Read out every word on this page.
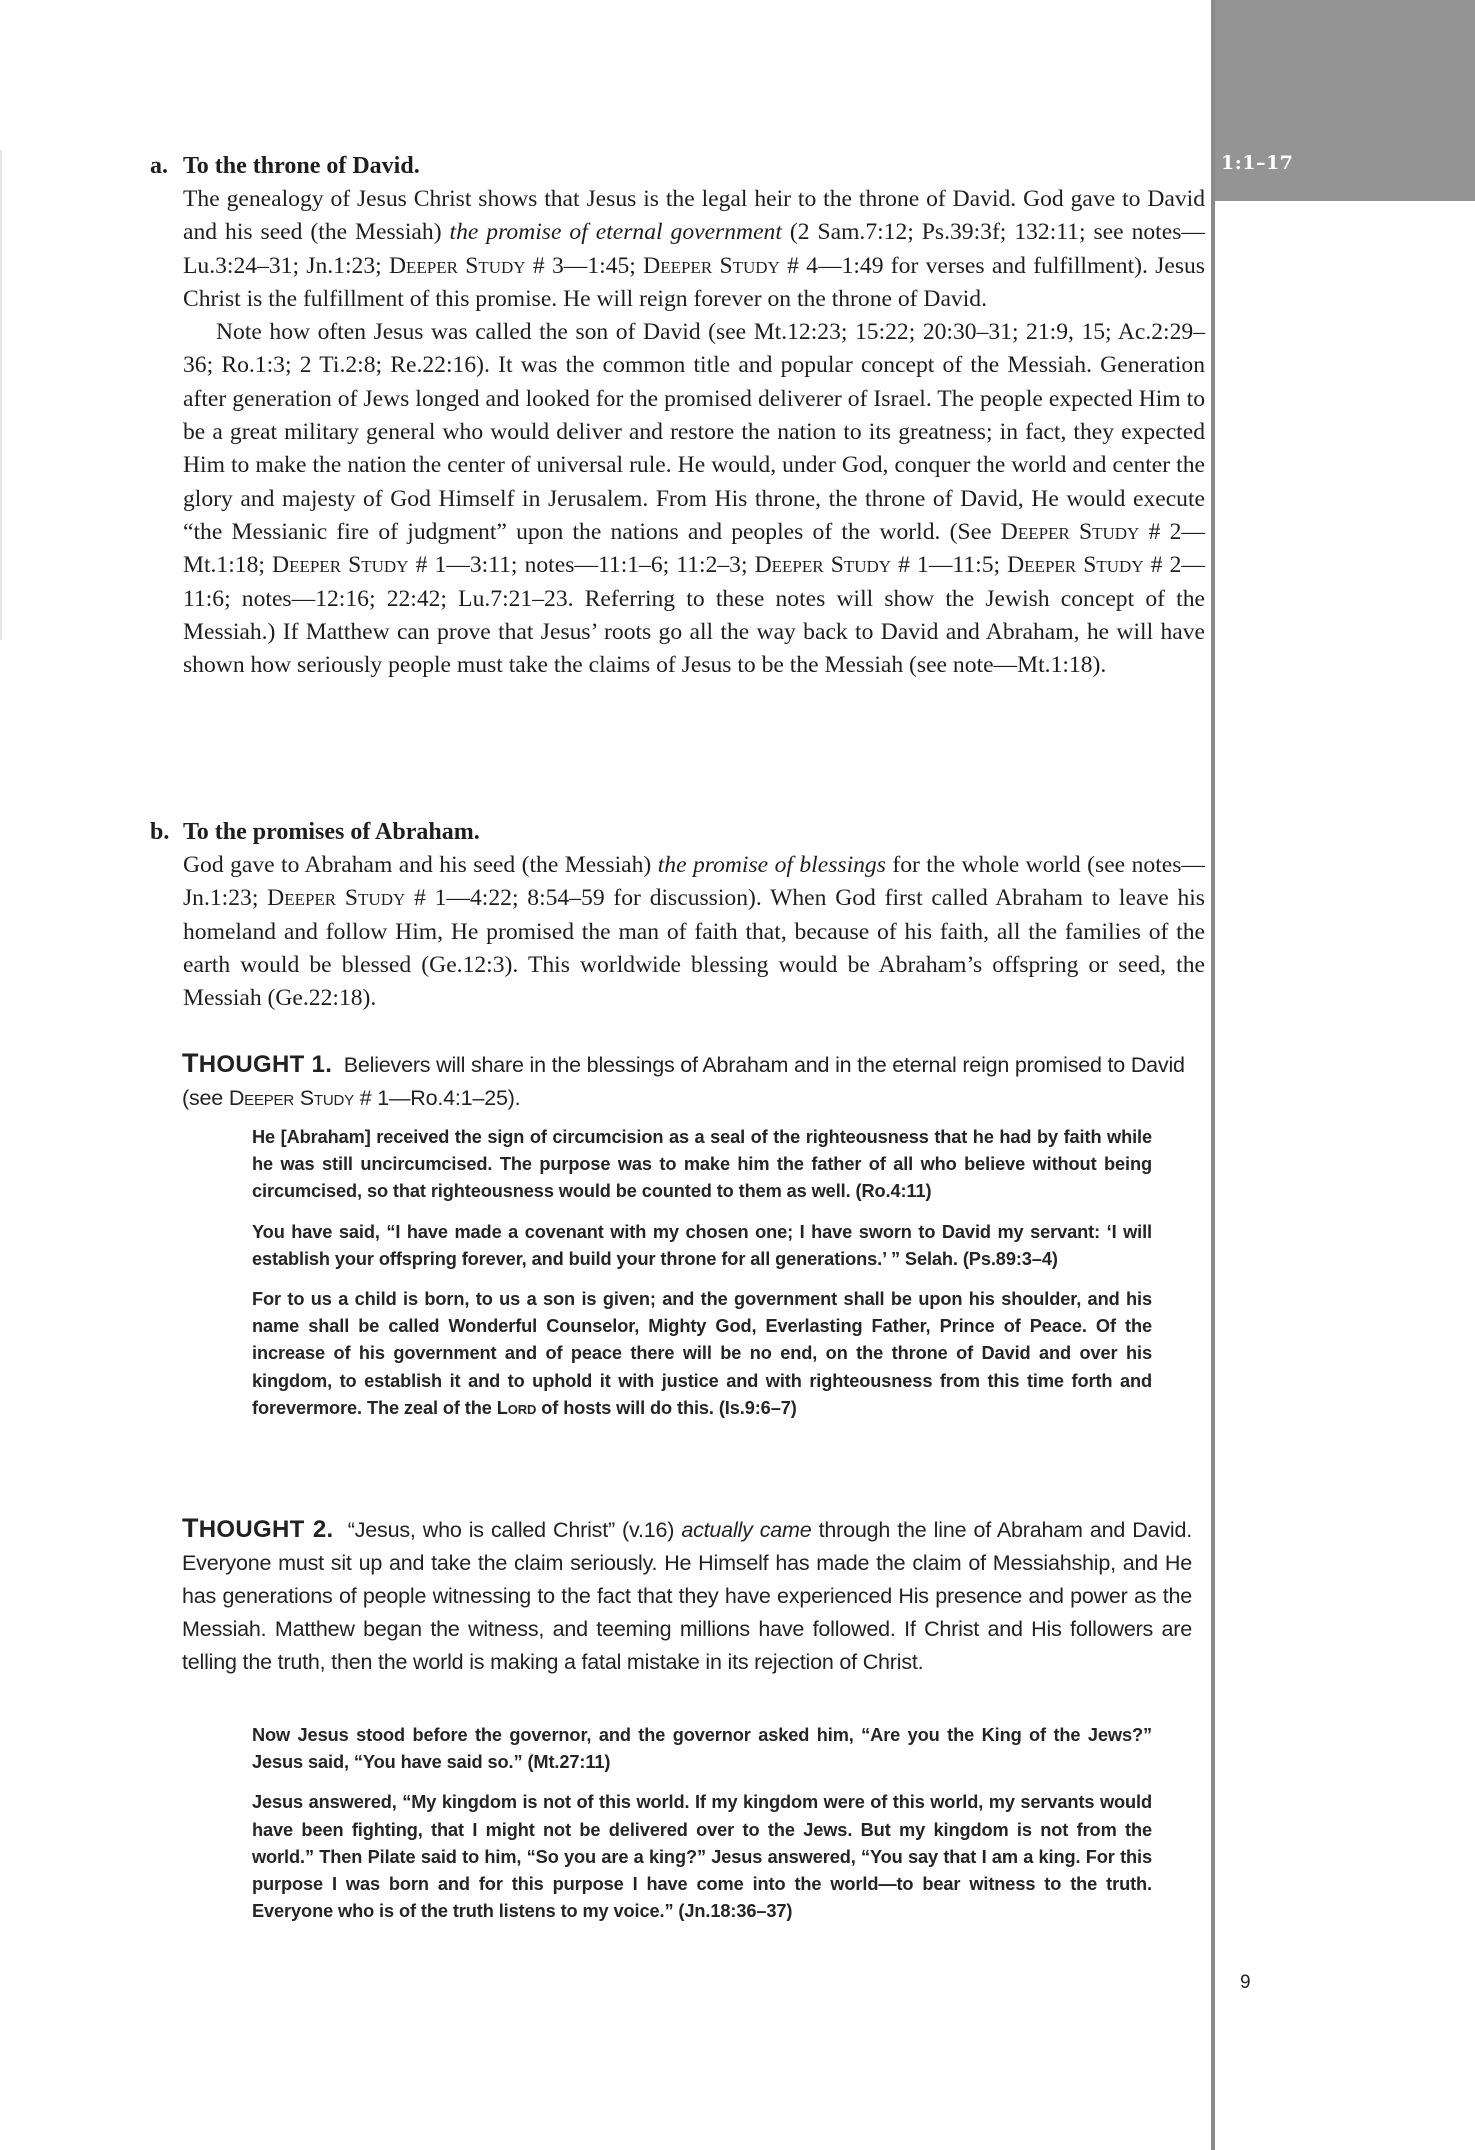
1:1–17
a. To the throne of David.

The genealogy of Jesus Christ shows that Jesus is the legal heir to the throne of David. God gave to David and his seed (the Messiah) the promise of eternal government (2 Sam.7:12; Ps.39:3f; 132:11; see notes—Lu.3:24–31; Jn.1:23; Deeper Study # 3—1:45; Deeper Study # 4—1:49 for verses and fulfillment). Jesus Christ is the fulfillment of this promise. He will reign forever on the throne of David.

Note how often Jesus was called the son of David (see Mt.12:23; 15:22; 20:30–31; 21:9, 15; Ac.2:29–36; Ro.1:3; 2 Ti.2:8; Re.22:16). It was the common title and popular concept of the Messiah. Generation after generation of Jews longed and looked for the promised deliverer of Israel. The people expected Him to be a great military general who would deliver and restore the nation to its greatness; in fact, they expected Him to make the nation the center of universal rule. He would, under God, conquer the world and center the glory and majesty of God Himself in Jerusalem. From His throne, the throne of David, He would execute “the Messianic fire of judgment” upon the nations and peoples of the world. (See Deeper Study # 2—Mt.1:18; Deeper Study # 1—3:11; notes—11:1–6; 11:2–3; Deeper Study # 1—11:5; Deeper Study # 2—11:6; notes—12:16; 22:42; Lu.7:21–23. Referring to these notes will show the Jewish concept of the Messiah.) If Matthew can prove that Jesus’ roots go all the way back to David and Abraham, he will have shown how seriously people must take the claims of Jesus to be the Messiah (see note—Mt.1:18).

b. To the promises of Abraham.

God gave to Abraham and his seed (the Messiah) the promise of blessings for the whole world (see notes—Jn.1:23; Deeper Study # 1—4:22; 8:54–59 for discussion). When God first called Abraham to leave his homeland and follow Him, He promised the man of faith that, because of his faith, all the families of the earth would be blessed (Ge.12:3). This worldwide blessing would be Abraham’s offspring or seed, the Messiah (Ge.22:18).

THOUGHT 1. Believers will share in the blessings of Abraham and in the eternal reign promised to David (see Deeper Study # 1—Ro.4:1–25).

He [Abraham] received the sign of circumcision as a seal of the righteousness that he had by faith while he was still uncircumcised. The purpose was to make him the father of all who believe without being circumcised, so that righteousness would be counted to them as well. (Ro.4:11)

You have said, “I have made a covenant with my chosen one; I have sworn to David my servant: ‘I will establish your offspring forever, and build your throne for all generations.’ ” Selah. (Ps.89:3–4)

For to us a child is born, to us a son is given; and the government shall be upon his shoulder, and his name shall be called Wonderful Counselor, Mighty God, Everlasting Father, Prince of Peace. Of the increase of his government and of peace there will be no end, on the throne of David and over his kingdom, to establish it and to uphold it with justice and with righteousness from this time forth and forevermore. The zeal of the Lord of hosts will do this. (Is.9:6–7)

THOUGHT 2. “Jesus, who is called Christ” (v.16) actually came through the line of Abraham and David. Everyone must sit up and take the claim seriously. He Himself has made the claim of Messiahship, and He has generations of people witnessing to the fact that they have experienced His presence and power as the Messiah. Matthew began the witness, and teeming millions have followed. If Christ and His followers are telling the truth, then the world is making a fatal mistake in its rejection of Christ.

Now Jesus stood before the governor, and the governor asked him, “Are you the King of the Jews?” Jesus said, “You have said so.” (Mt.27:11)

Jesus answered, “My kingdom is not of this world. If my kingdom were of this world, my servants would have been fighting, that I might not be delivered over to the Jews. But my kingdom is not from the world.” Then Pilate said to him, “So you are a king?” Jesus answered, “You say that I am a king. For this purpose I was born and for this purpose I have come into the world—to bear witness to the truth. Everyone who is of the truth listens to my voice.” (Jn.18:36–37)

9
